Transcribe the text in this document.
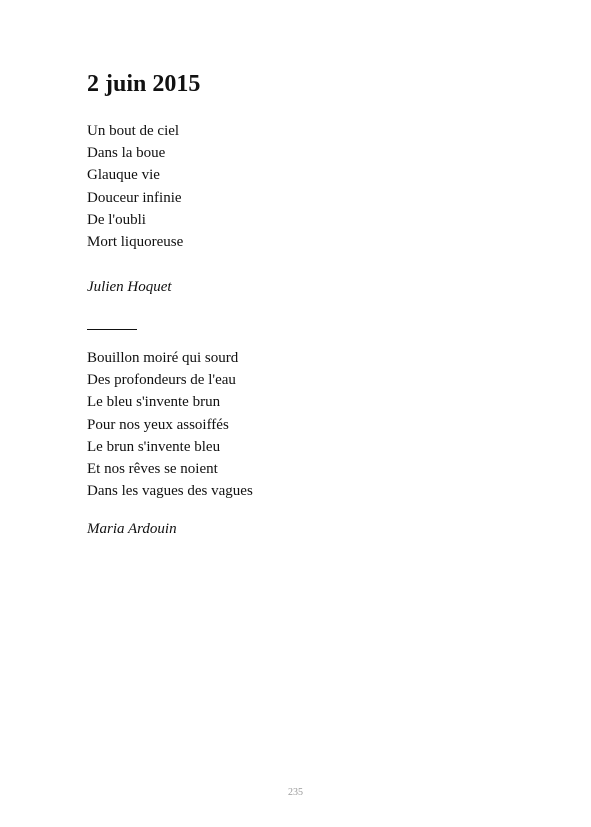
2 juin 2015
Un bout de ciel
Dans la boue
Glauque vie
Douceur infinie
De l'oubli
Mort liquoreuse

Julien Hoquet

Bouillon moiré qui sourd
Des profondeurs de l'eau
Le bleu s'invente brun
Pour nos yeux assoiffés
Le brun s'invente bleu
Et nos rêves se noient
Dans les vagues des vagues

Maria Ardouin

235
